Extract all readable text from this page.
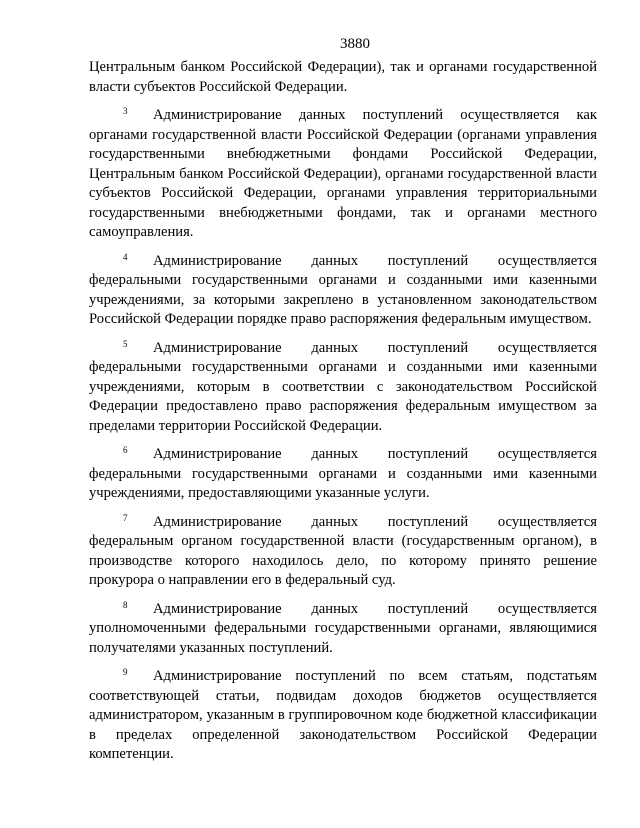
3880

Центральным банком Российской Федерации), так и органами государственной власти субъектов Российской Федерации.

3 Администрирование данных поступлений осуществляется как органами государственной власти Российской Федерации (органами управления государственными внебюджетными фондами Российской Федерации, Центральным банком Российской Федерации), органами государственной власти субъектов Российской Федерации, органами управления территориальными государственными внебюджетными фондами, так и органами местного самоуправления.

4 Администрирование данных поступлений осуществляется федеральными государственными органами и созданными ими казенными учреждениями, за которыми закреплено в установленном законодательством Российской Федерации порядке право распоряжения федеральным имуществом.

5 Администрирование данных поступлений осуществляется федеральными государственными органами и созданными ими казенными учреждениями, которым в соответствии с законодательством Российской Федерации предоставлено право распоряжения федеральным имуществом за пределами территории Российской Федерации.

6 Администрирование данных поступлений осуществляется федеральными государственными органами и созданными ими казенными учреждениями, предоставляющими указанные услуги.

7 Администрирование данных поступлений осуществляется федеральным органом государственной власти (государственным органом), в производстве которого находилось дело, по которому принято решение прокурора о направлении его в федеральный суд.

8 Администрирование данных поступлений осуществляется уполномоченными федеральными государственными органами, являющимися получателями указанных поступлений.

9 Администрирование поступлений по всем статьям, подстатьям соответствующей статьи, подвидам доходов бюджетов осуществляется администратором, указанным в группировочном коде бюджетной классификации в пределах определенной законодательством Российской Федерации компетенции.
